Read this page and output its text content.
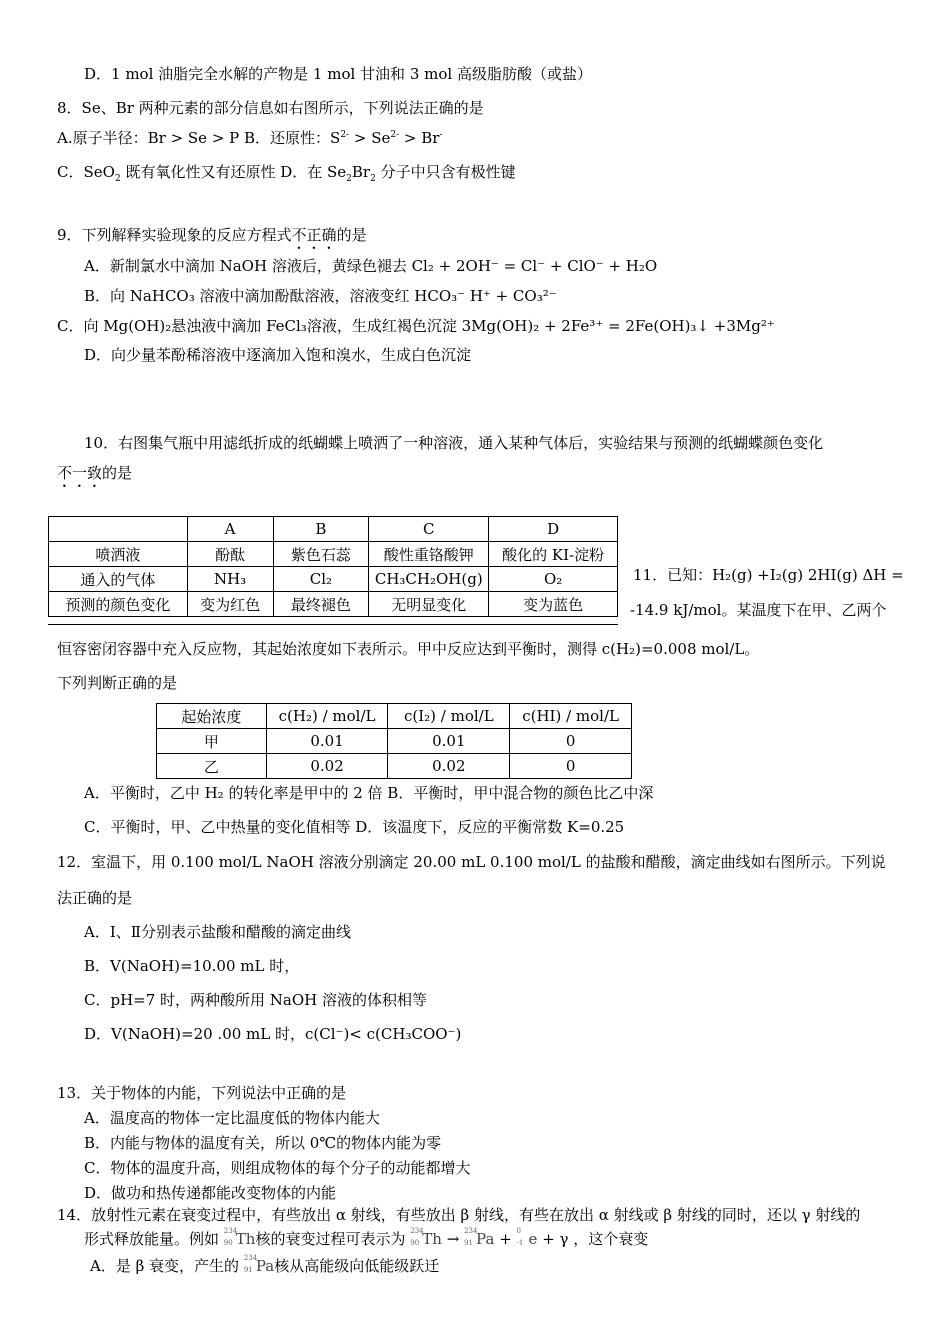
D．1 mol 油脂完全水解的产物是 1 mol 甘油和 3 mol 高级脂肪酸（或盐）
8．Se、Br 两种元素的部分信息如右图所示，下列说法正确的是
A.原子半径：Br > Se > P B．还原性：$S^{2-} > Se^{2-} > Br^-$
C．SeO$_2$ 既有氧化性又有还原性 D．在 $Se_2Br_2$ 分子中只含有极性键
9．下列解释实验现象的反应方程式不正确的是
A．新制氯水中滴加 NaOH 溶液后，黄绿色褪去 Cl₂ + 2OH⁻ = Cl⁻ + ClO⁻ + H₂O
B．向 NaHCO₃ 溶液中滴加酚酞溶液，溶液变红 HCO₃⁻ H⁺ + CO₃²⁻
C．向 Mg(OH)₂悬浊液中滴加 FeCl₃溶液，生成红褐色沉淀 3Mg(OH)₂ + 2Fe³⁺ = 2Fe(OH)₃↓ +3Mg²⁺
D．向少量苯酚稀溶液中逐滴加入饱和溴水，生成白色沉淀
10．右图集气瓶中用滤纸折成的纸蝴蝶上喷洒了一种溶液，通入某种气体后，实验结果与预测的纸蝴蝶颜色变化
不一致的是
	A	B	C	D
喷洒液	酚酞	紫色石蕊	酸性重铬酸钾	酸化的 KI-淀粉
通入的气体	NH₃	Cl₂	CH₃CH₂OH(g)	O₂
预测的颜色变化	变为红色	最终褪色	无明显变化	变为蓝色
11．已知：H₂(g) +I₂(g) 2HI(g) ΔH =
-14.9 kJ/mol。某温度下在甲、乙两个
恒容密闭容器中充入反应物，其起始浓度如下表所示。甲中反应达到平衡时，测得 c(H₂)=0.008 mol/L。
下列判断正确的是
起始浓度	c(H₂) / mol/L	c(I₂) / mol/L	c(HI) / mol/L
甲	0.01	0.01	0
乙	0.02	0.02	0
A．平衡时，乙中 H₂ 的转化率是甲中的 2 倍 B．平衡时，甲中混合物的颜色比乙中深
C．平衡时，甲、乙中热量的变化值相等 D．该温度下，反应的平衡常数 K=0.25
12．室温下，用 0.100 mol/L NaOH 溶液分别滴定 20.00 mL 0.100 mol/L 的盐酸和醋酸，滴定曲线如右图所示。下列说
法正确的是
A．Ⅰ、Ⅱ分别表示盐酸和醋酸的滴定曲线
B．V(NaOH)=10.00 mL 时，
C．pH=7 时，两种酸所用 NaOH 溶液的体积相等
D．V(NaOH)=20 .00 mL 时，c(Cl⁻)< c(CH₃COO⁻)
13．关于物体的内能，下列说法中正确的是
A．温度高的物体一定比温度低的物体内能大
B．内能与物体的温度有关，所以 0℃的物体内能为零
C．物体的温度升高，则组成物体的每个分子的动能都增大
D．做功和热传递都能改变物体的内能
14．放射性元素在衰变过程中，有些放出 α 射线，有些放出 β 射线，有些在放出 α 射线或 β 射线的同时，还以 γ 射线的
形式释放能量。例如 234
90 Th核的衰变过程可表示为 234
90 Th → 234
91 Pa + 0
-1 e + γ ，这个衰变
A．是 β 衰变，产生的 234
91 Pa核从高能级向低能级跃迁
